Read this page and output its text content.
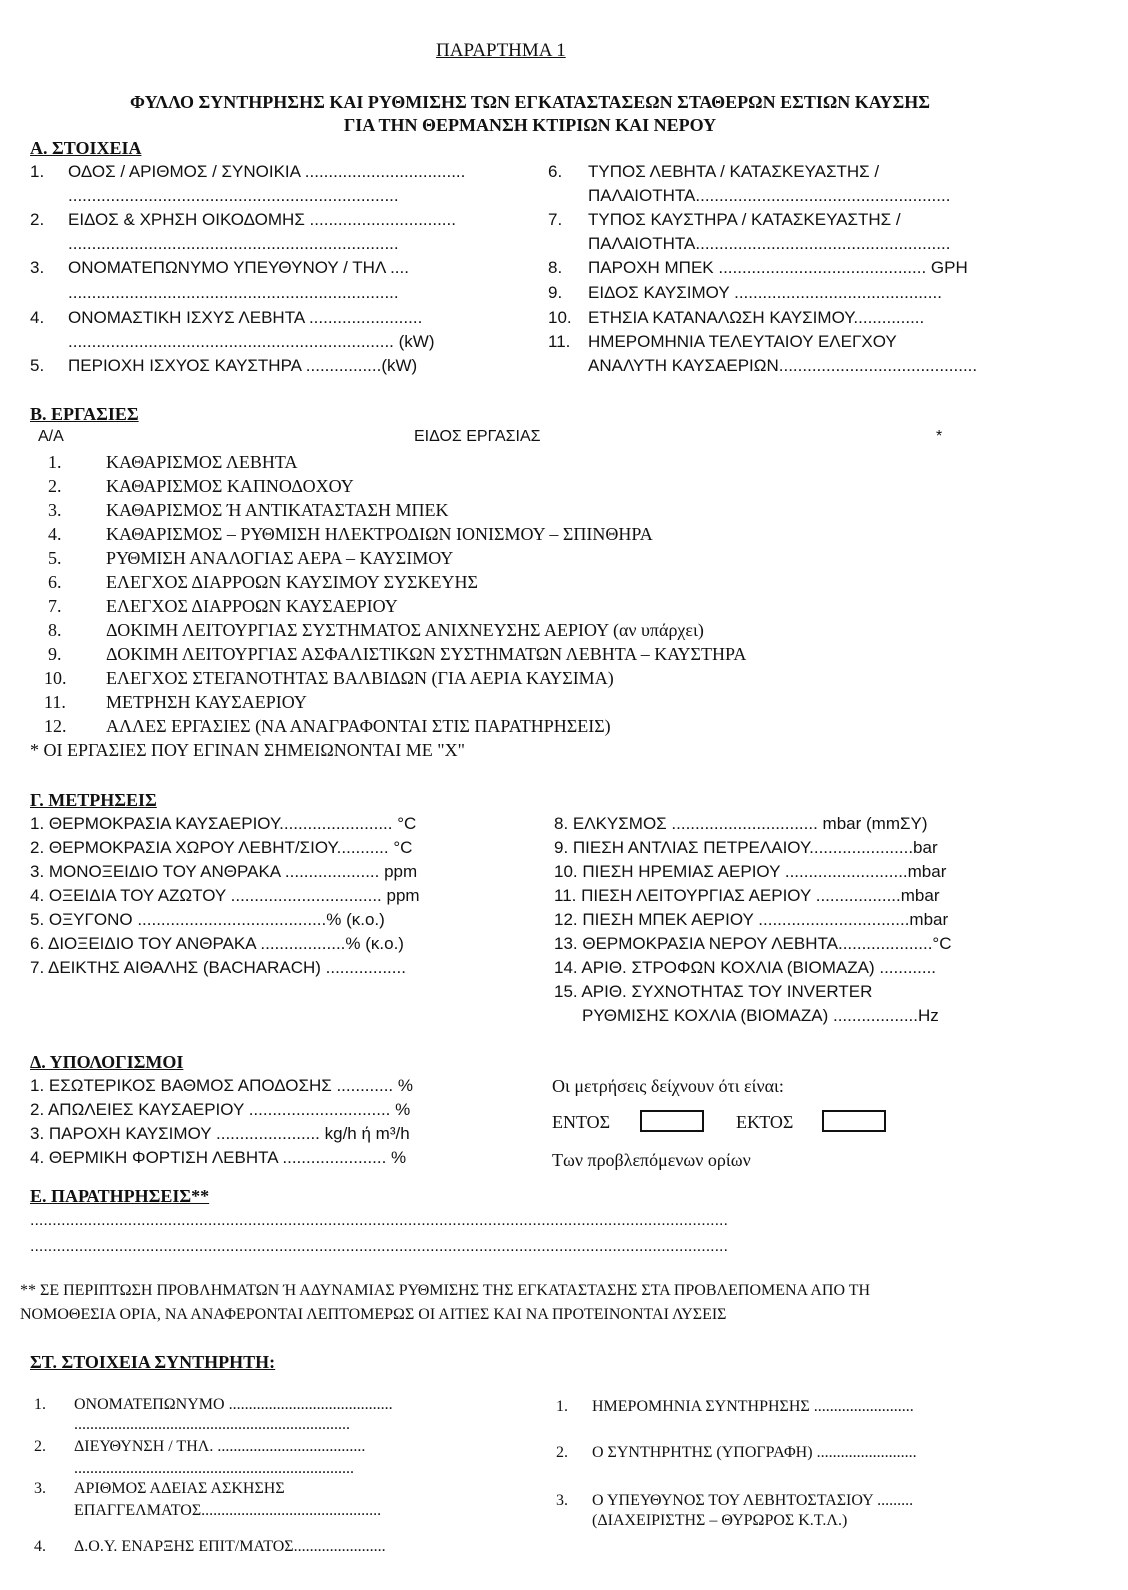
ΠΑΡΑΡΤΗΜΑ 1
ΦΥΛΛΟ ΣΥΝΤΗΡΗΣΗΣ ΚΑΙ ΡΥΘΜΙΣΗΣ ΤΩΝ ΕΓΚΑΤΑΣΤΑΣΕΩΝ ΣΤΑΘΕΡΩΝ ΕΣΤΙΩΝ ΚΑΥΣΗΣ
ΓΙΑ ΤΗΝ ΘΕΡΜΑΝΣΗ ΚΤΙΡΙΩΝ ΚΑΙ ΝΕΡΟΥ
Α. ΣΤΟΙΧΕΙΑ
1. ΟΔΟΣ / ΑΡΙΘΜΟΣ / ΣΥΝΟΙΚΙΑ ..................................
......................................................................
2. ΕΙΔΟΣ & ΧΡΗΣΗ ΟΙΚΟΔΟΜΗΣ ...............................
......................................................................
3. ΟΝΟΜΑΤΕΠΩΝΥΜΟ ΥΠΕΥΘΥΝΟΥ / ΤΗΛ ....
......................................................................
4. ΟΝΟΜΑΣΤΙΚΗ ΙΣΧΥΣ ΛΕΒΗΤΑ ........................
..................................................................... (kW)
5. ΠΕΡΙΟΧΗ ΙΣΧΥΟΣ ΚΑΥΣΤΗΡΑ ................(kW)
6. ΤΥΠΟΣ ΛΕΒΗΤΑ / ΚΑΤΑΣΚΕΥΑΣΤΗΣ /
ΠΑΛΑΙΟΤΗΤΑ......................................................
7. ΤΥΠΟΣ ΚΑΥΣΤΗΡΑ / ΚΑΤΑΣΚΕΥΑΣΤΗΣ /
ΠΑΛΑΙΟΤΗΤΑ......................................................
8. ΠΑΡΟΧΗ ΜΠΕΚ ............................................ GPH
9. ΕΙΔΟΣ ΚΑΥΣΙΜΟΥ ............................................
10. ΕΤΗΣΙΑ ΚΑΤΑΝΑΛΩΣΗ ΚΑΥΣΙΜΟΥ...............
11. ΗΜΕΡΟΜΗΝΙΑ ΤΕΛΕΥΤΑΙΟΥ ΕΛΕΓΧΟΥ
ΑΝΑΛΥΤΗ ΚΑΥΣΑΕΡΙΩΝ..........................................
Β. ΕΡΓΑΣΙΕΣ
Α/Α	ΕΙΔΟΣ ΕΡΓΑΣΙΑΣ	*
1. ΚΑΘΑΡΙΣΜΟΣ ΛΕΒΗΤΑ
2. ΚΑΘΑΡΙΣΜΟΣ ΚΑΠΝΟΔΟΧΟΥ
3. ΚΑΘΑΡΙΣΜΟΣ Ή ΑΝΤΙΚΑΤΑΣΤΑΣΗ ΜΠΕΚ
4. ΚΑΘΑΡΙΣΜΟΣ – ΡΥΘΜΙΣΗ ΗΛΕΚΤΡΟΔΙΩΝ ΙΟΝΙΣΜΟΥ – ΣΠΙΝΘΗΡΑ
5. ΡΥΘΜΙΣΗ ΑΝΑΛΟΓΙΑΣ ΑΕΡΑ – ΚΑΥΣΙΜΟΥ
6. ΕΛΕΓΧΟΣ ΔΙΑΡΡΟΩΝ ΚΑΥΣΙΜΟΥ ΣΥΣΚΕΥΗΣ
7. ΕΛΕΓΧΟΣ ΔΙΑΡΡΟΩΝ ΚΑΥΣΑΕΡΙΟΥ
8. ΔΟΚΙΜΗ ΛΕΙΤΟΥΡΓΙΑΣ ΣΥΣΤΗΜΑΤΟΣ ΑΝΙΧΝΕΥΣΗΣ ΑΕΡΙΟΥ (αν υπάρχει)
9. ΔΟΚΙΜΗ ΛΕΙΤΟΥΡΓΙΑΣ ΑΣΦΑΛΙΣΤΙΚΩΝ ΣΥΣΤΗΜΑΤΩΝ ΛΕΒΗΤΑ – ΚΑΥΣΤΗΡΑ
10. ΕΛΕΓΧΟΣ ΣΤΕΓΑΝΟΤΗΤΑΣ ΒΑΛΒΙΔΩΝ (ΓΙΑ ΑΕΡΙΑ ΚΑΥΣΙΜΑ)
11. ΜΕΤΡΗΣΗ ΚΑΥΣΑΕΡΙΟΥ
12. ΑΛΛΕΣ ΕΡΓΑΣΙΕΣ (ΝΑ ΑΝΑΓΡΑΦΟΝΤΑΙ ΣΤΙΣ ΠΑΡΑΤΗΡΗΣΕΙΣ)
* ΟΙ ΕΡΓΑΣΙΕΣ ΠΟΥ ΕΓΙΝΑΝ ΣΗΜΕΙΩΝΟΝΤΑΙ ΜΕ "Χ"
Γ. ΜΕΤΡΗΣΕΙΣ
1. ΘΕΡΜΟΚΡΑΣΙΑ ΚΑΥΣΑΕΡΙΟΥ........................ °C
2. ΘΕΡΜΟΚΡΑΣΙΑ ΧΩΡΟΥ ΛΕΒΗΤ/ΣΙΟΥ........... °C
3. ΜΟΝΟΞΕΙΔΙΟ ΤΟΥ ΑΝΘΡΑΚΑ .................... ppm
4. ΟΞΕΙΔΙΑ ΤΟΥ ΑΖΩΤΟΥ ................................ ppm
5. ΟΞΥΓΟΝΟ ........................................% (κ.ο.)
6. ΔΙΟΞΕΙΔΙΟ ΤΟΥ ΑΝΘΡΑΚΑ ..................% (κ.ο.)
7. ΔΕΙΚΤΗΣ ΑΙΘΑΛΗΣ (BACHARACH) .................
8. ΕΛΚΥΣΜΟΣ ............................... mbar (mmΣΥ)
9. ΠΙΕΣΗ ΑΝΤΛΙΑΣ ΠΕΤΡΕΛΑΙΟΥ......................bar
10. ΠΙΕΣΗ ΗΡΕΜΙΑΣ ΑΕΡΙΟΥ ..........................mbar
11. ΠΙΕΣΗ ΛΕΙΤΟΥΡΓΙΑΣ ΑΕΡΙΟΥ ..................mbar
12. ΠΙΕΣΗ ΜΠΕΚ ΑΕΡΙΟΥ ................................mbar
13. ΘΕΡΜΟΚΡΑΣΙΑ ΝΕΡΟΥ ΛΕΒΗΤΑ....................°C
14. ΑΡΙΘ. ΣΤΡΟΦΩΝ ΚΟΧΛΙΑ (ΒΙΟΜΑΖΑ) ............
15. ΑΡΙΘ. ΣΥΧΝΟΤΗΤΑΣ ΤΟΥ INVERTER
ΡΥΘΜΙΣΗΣ ΚΟΧΛΙΑ (ΒΙΟΜΑΖΑ) ..................Hz
Δ. ΥΠΟΛΟΓΙΣΜΟΙ
1. ΕΣΩΤΕΡΙΚΟΣ ΒΑΘΜΟΣ ΑΠΟΔΟΣΗΣ ............ %
2. ΑΠΩΛΕΙΕΣ ΚΑΥΣΑΕΡΙΟΥ .............................. %
3. ΠΑΡΟΧΗ ΚΑΥΣΙΜΟΥ ...................... kg/h ή m³/h
4. ΘΕΡΜΙΚΗ ΦΟΡΤΙΣΗ ΛΕΒΗΤΑ ...................... %
Οι μετρήσεις δείχνουν ότι είναι:
ΕΝΤΟΣ	ΕΚΤΟΣ
Των προβλεπόμενων ορίων
Ε. ΠΑΡΑΤΗΡΗΣΕΙΣ**
.............................................................................................................................................................
.............................................................................................................................................................
** ΣΕ ΠΕΡΙΠΤΩΣΗ ΠΡΟΒΛΗΜΑΤΩΝ Ή ΑΔΥΝΑΜΙΑΣ ΡΥΘΜΙΣΗΣ ΤΗΣ ΕΓΚΑΤΑΣΤΑΣΗΣ ΣΤΑ ΠΡΟΒΛΕΠΟΜΕΝΑ ΑΠΟ ΤΗ
ΝΟΜΟΘΕΣΙΑ ΟΡΙΑ, ΝΑ ΑΝΑΦΕΡΟΝΤΑΙ ΛΕΠΤΟΜΕΡΩΣ ΟΙ ΑΙΤΙΕΣ ΚΑΙ ΝΑ ΠΡΟΤΕΙΝΟΝΤΑΙ ΛΥΣΕΙΣ
ΣΤ. ΣΤΟΙΧΕΙΑ ΣΥΝΤΗΡΗΤΗ:
1. ΟΝΟΜΑΤΕΠΩΝΥΜΟ .........................................
.....................................................................
2. ΔΙΕΥΘΥΝΣΗ / ΤΗΛ. .....................................
......................................................................
3. ΑΡΙΘΜΟΣ ΑΔΕΙΑΣ ΑΣΚΗΣΗΣ
ΕΠΑΓΓΕΛΜΑΤΟΣ.............................................
4. Δ.Ο.Υ. ΕΝΑΡΞΗΣ ΕΠΙΤ/ΜΑΤΟΣ.......................
1. ΗΜΕΡΟΜΗΝΙΑ ΣΥΝΤΗΡΗΣΗΣ .........................
2. Ο ΣΥΝΤΗΡΗΤΗΣ (ΥΠΟΓΡΑΦΗ) .........................
3. Ο ΥΠΕΥΘΥΝΟΣ ΤΟΥ ΛΕΒΗΤΟΣΤΑΣΙΟΥ .........
(ΔΙΑΧΕΙΡΙΣΤΗΣ – ΘΥΡΩΡΟΣ Κ.Τ.Λ.)
